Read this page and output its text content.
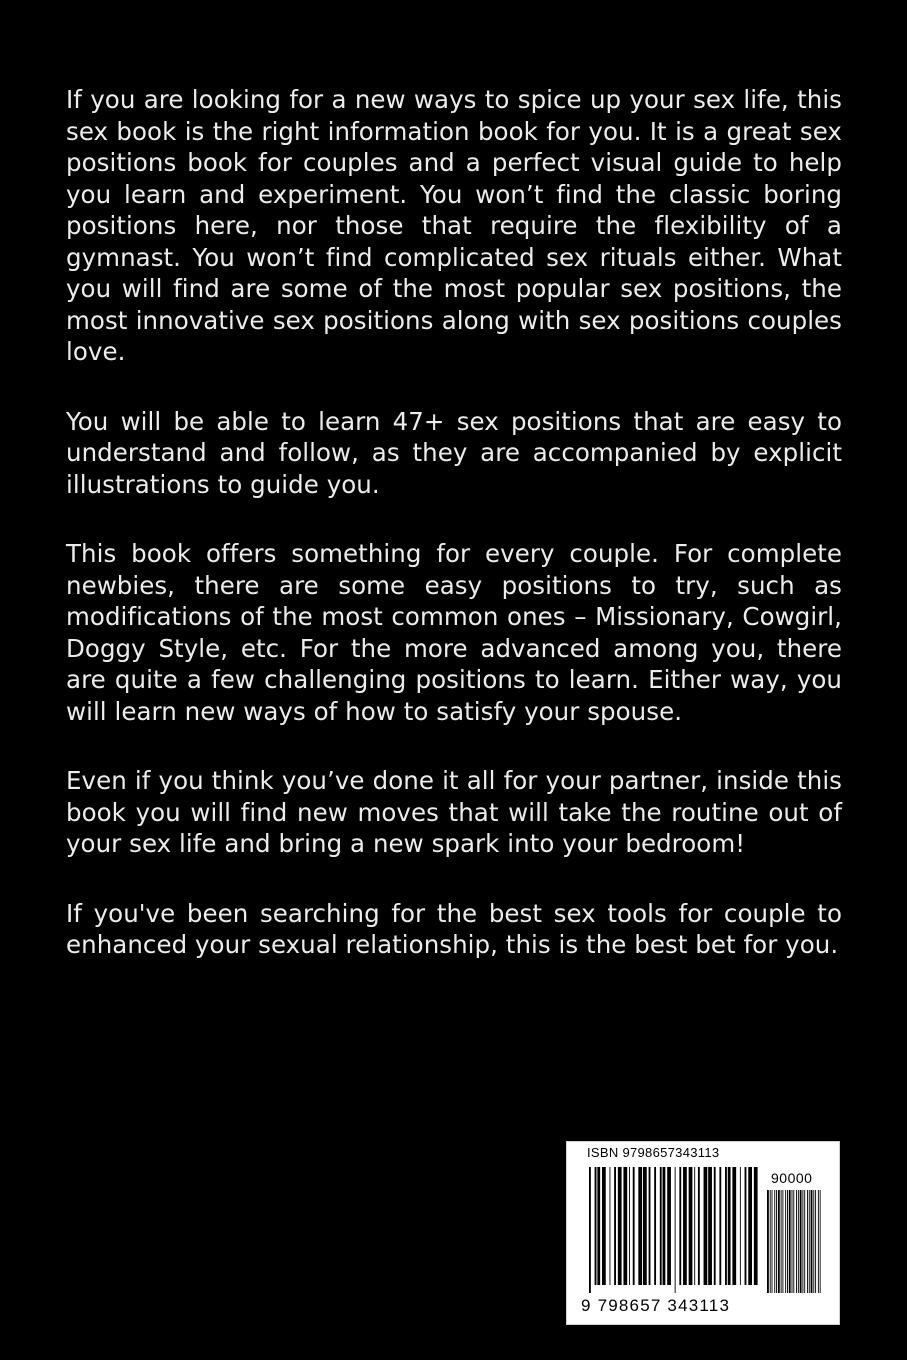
If you are looking for a new ways to spice up your sex life, this sex book is the right information book for you. It is a great sex positions book for couples and a perfect visual guide to help you learn and experiment. You won’t find the classic boring positions here, nor those that require the flexibility of a gymnast. You won’t find complicated sex rituals either. What you will find are some of the most popular sex positions, the most innovative sex positions along with sex positions couples love.

You will be able to learn 47+ sex positions that are easy to understand and follow, as they are accompanied by explicit illustrations to guide you.

This book offers something for every couple. For complete newbies, there are some easy positions to try, such as modifications of the most common ones – Missionary, Cowgirl, Doggy Style, etc. For the more advanced among you, there are quite a few challenging positions to learn. Either way, you will learn new ways of how to satisfy your spouse.

Even if you think you’ve done it all for your partner, inside this book you will find new moves that will take the routine out of your sex life and bring a new spark into your bedroom!

If you've been searching for the best sex tools for couple to enhanced your sexual relationship, this is the best bet for you.

ISBN 9798657343113
90000
9 798657 343113
